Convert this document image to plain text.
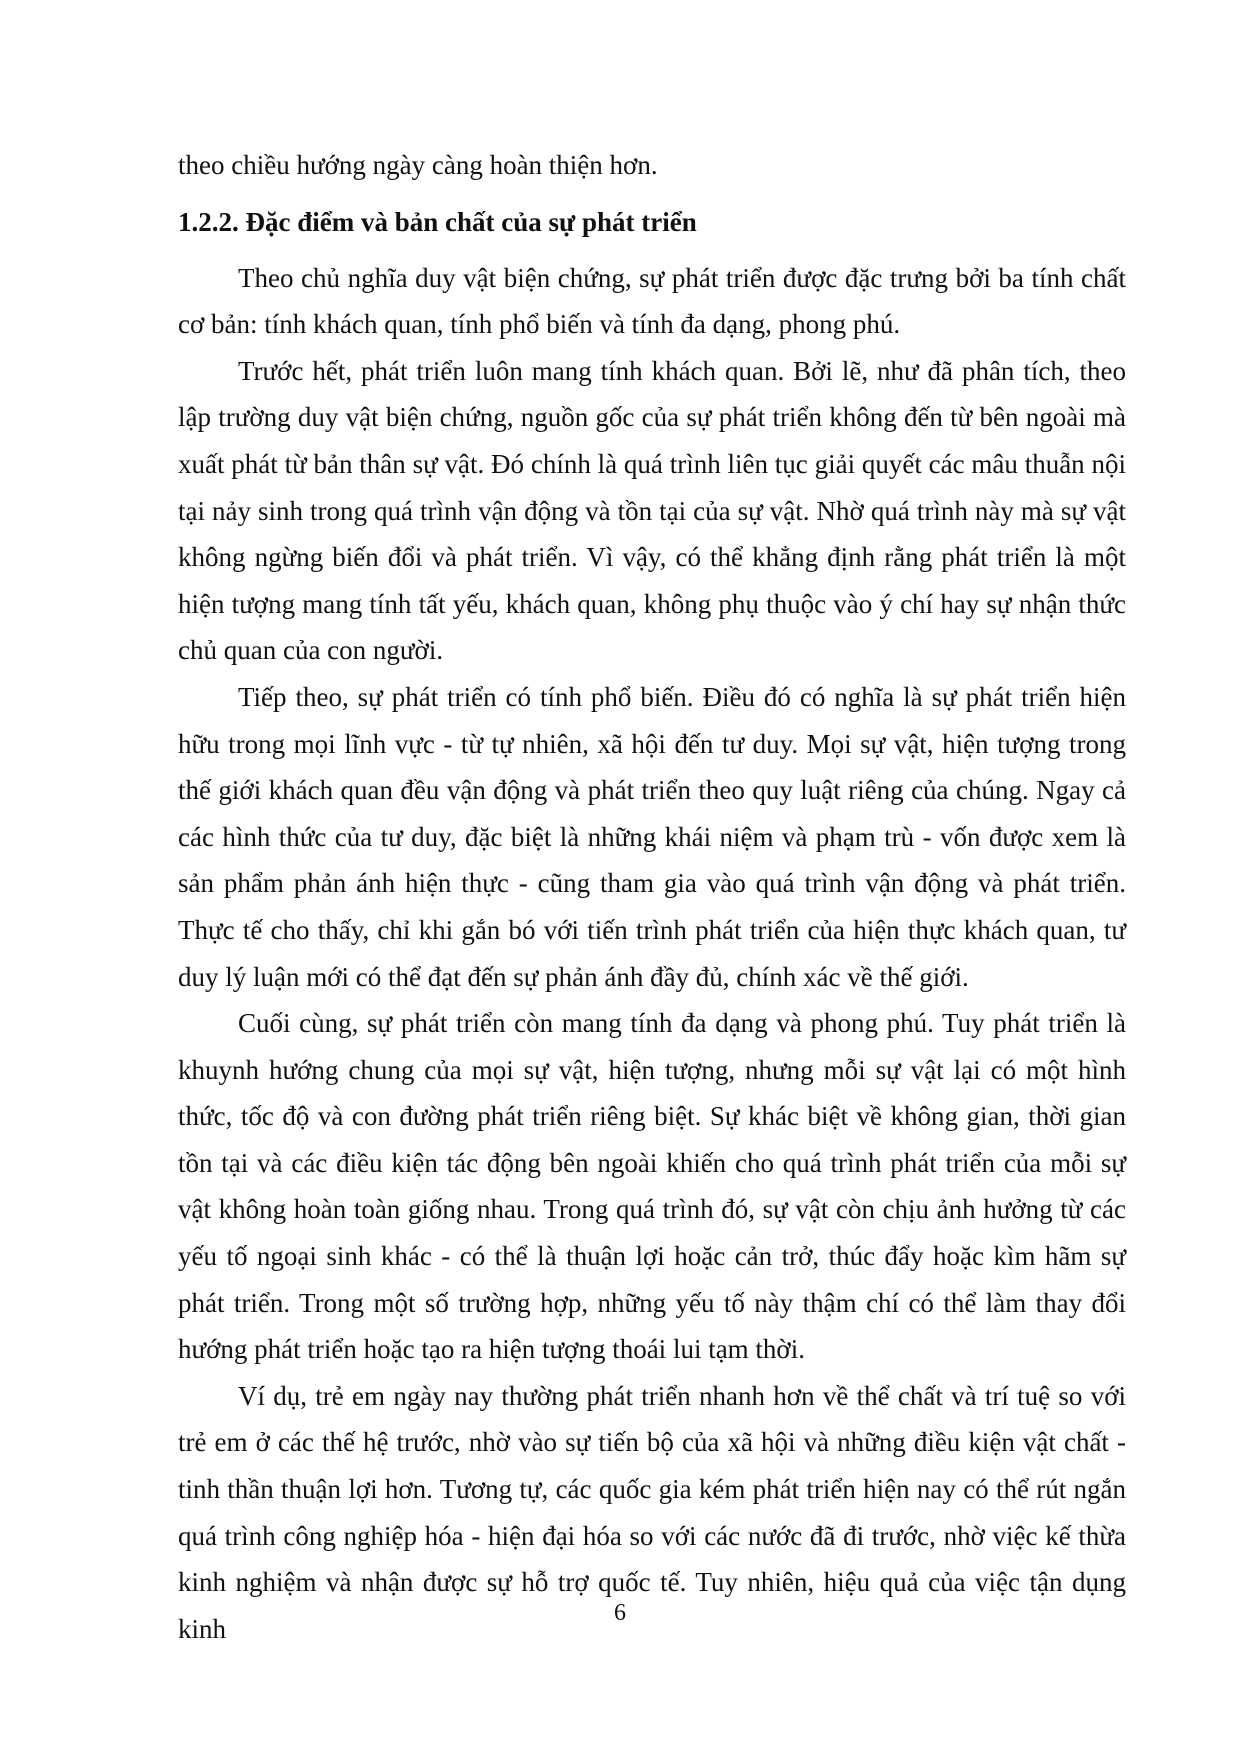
theo chiều hướng ngày càng hoàn thiện hơn.

1.2.2. Đặc điểm và bản chất của sự phát triển

Theo chủ nghĩa duy vật biện chứng, sự phát triển được đặc trưng bởi ba tính chất cơ bản: tính khách quan, tính phổ biến và tính đa dạng, phong phú.

Trước hết, phát triển luôn mang tính khách quan. Bởi lẽ, như đã phân tích, theo lập trường duy vật biện chứng, nguồn gốc của sự phát triển không đến từ bên ngoài mà xuất phát từ bản thân sự vật. Đó chính là quá trình liên tục giải quyết các mâu thuẫn nội tại nảy sinh trong quá trình vận động và tồn tại của sự vật. Nhờ quá trình này mà sự vật không ngừng biến đổi và phát triển. Vì vậy, có thể khẳng định rằng phát triển là một hiện tượng mang tính tất yếu, khách quan, không phụ thuộc vào ý chí hay sự nhận thức chủ quan của con người.

Tiếp theo, sự phát triển có tính phổ biến. Điều đó có nghĩa là sự phát triển hiện hữu trong mọi lĩnh vực - từ tự nhiên, xã hội đến tư duy. Mọi sự vật, hiện tượng trong thế giới khách quan đều vận động và phát triển theo quy luật riêng của chúng. Ngay cả các hình thức của tư duy, đặc biệt là những khái niệm và phạm trù - vốn được xem là sản phẩm phản ánh hiện thực - cũng tham gia vào quá trình vận động và phát triển. Thực tế cho thấy, chỉ khi gắn bó với tiến trình phát triển của hiện thực khách quan, tư duy lý luận mới có thể đạt đến sự phản ánh đầy đủ, chính xác về thế giới.

Cuối cùng, sự phát triển còn mang tính đa dạng và phong phú. Tuy phát triển là khuynh hướng chung của mọi sự vật, hiện tượng, nhưng mỗi sự vật lại có một hình thức, tốc độ và con đường phát triển riêng biệt. Sự khác biệt về không gian, thời gian tồn tại và các điều kiện tác động bên ngoài khiến cho quá trình phát triển của mỗi sự vật không hoàn toàn giống nhau. Trong quá trình đó, sự vật còn chịu ảnh hưởng từ các yếu tố ngoại sinh khác - có thể là thuận lợi hoặc cản trở, thúc đẩy hoặc kìm hãm sự phát triển. Trong một số trường hợp, những yếu tố này thậm chí có thể làm thay đổi hướng phát triển hoặc tạo ra hiện tượng thoái lui tạm thời.

Ví dụ, trẻ em ngày nay thường phát triển nhanh hơn về thể chất và trí tuệ so với trẻ em ở các thế hệ trước, nhờ vào sự tiến bộ của xã hội và những điều kiện vật chất - tinh thần thuận lợi hơn. Tương tự, các quốc gia kém phát triển hiện nay có thể rút ngắn quá trình công nghiệp hóa - hiện đại hóa so với các nước đã đi trước, nhờ việc kế thừa kinh nghiệm và nhận được sự hỗ trợ quốc tế. Tuy nhiên, hiệu quả của việc tận dụng kinh

6
